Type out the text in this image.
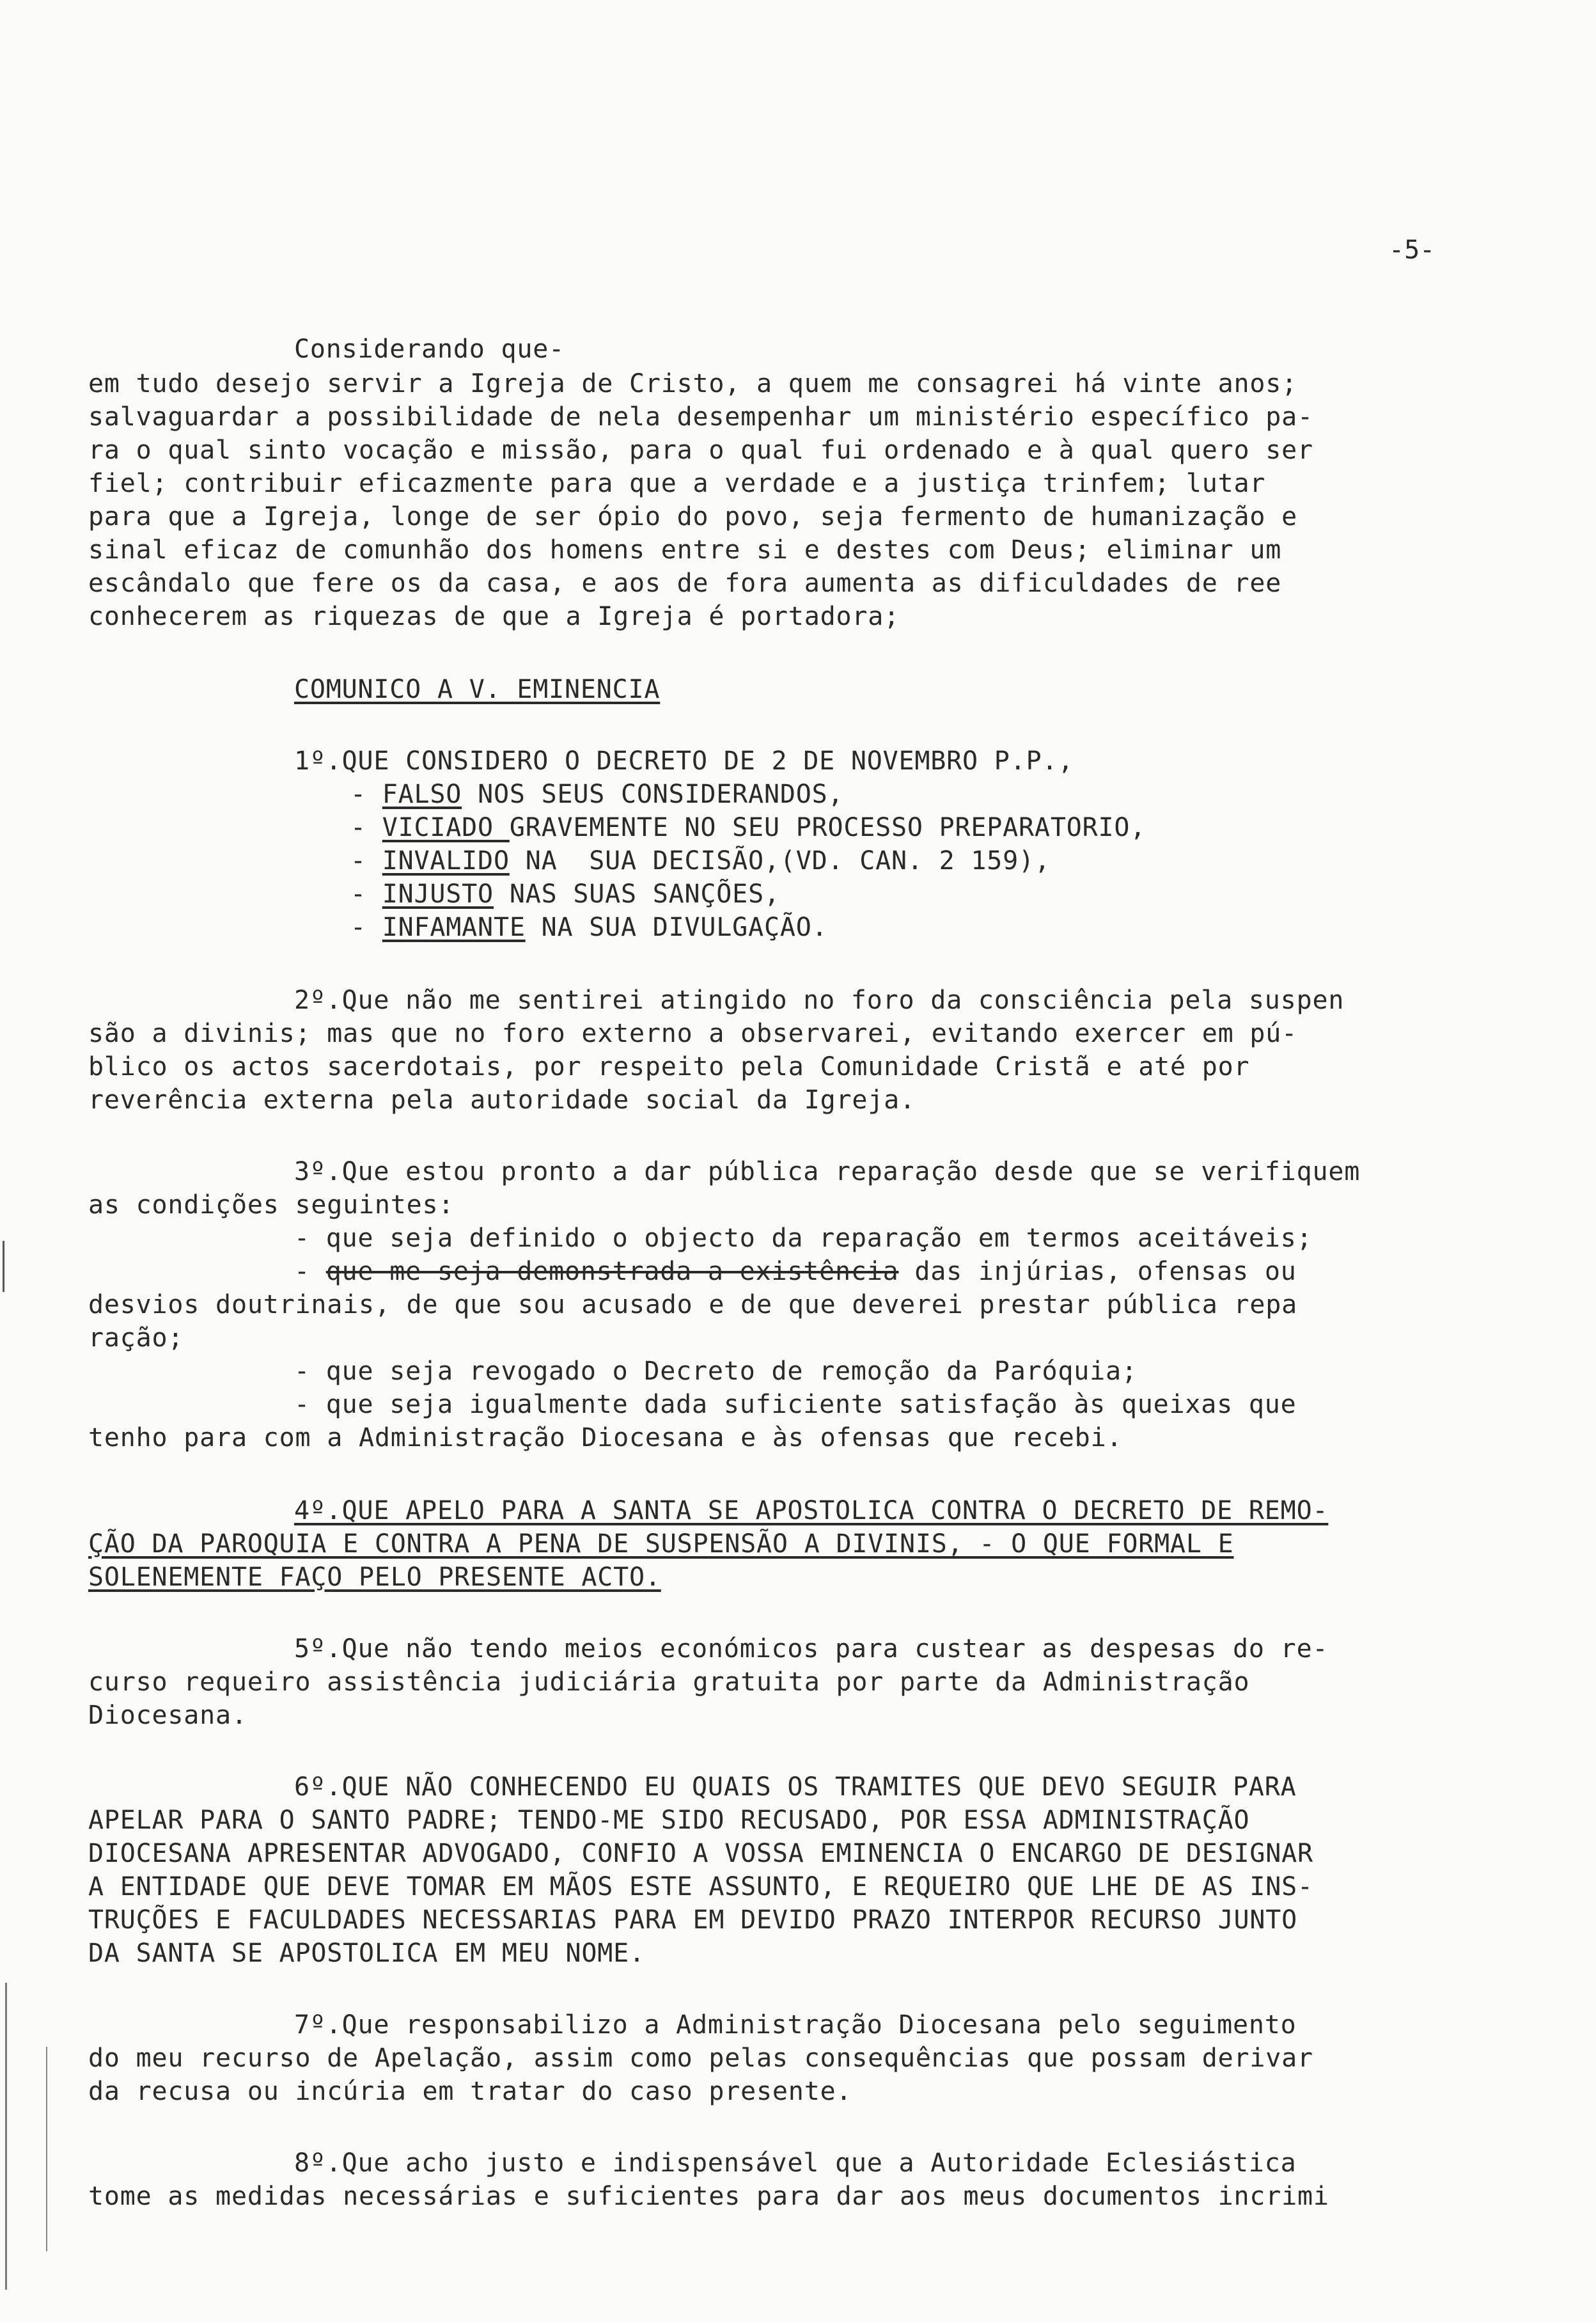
-5-
Considerando que-
em tudo desejo servir a Igreja de Cristo, a quem me consagrei há vinte anos;
salvaguardar a possibilidade de nela desempenhar um ministério específico pa-
ra o qual sinto vocação e missão, para o qual fui ordenado e à qual quero ser
fiel; contribuir eficazmente para que a verdade e a justiça trinfem; lutar
para que a Igreja, longe de ser ópio do povo, seja fermento de humanização e
sinal eficaz de comunhão dos homens entre si e destes com Deus; eliminar um
escândalo que fere os da casa, e aos de fora aumenta as dificuldades de ree
conhecerem as riquezas de que a Igreja é portadora;
COMUNICO A V. EMINENCIA
1º.QUE CONSIDERO O DECRETO DE 2 DE NOVEMBRO P.P.,
- FALSO NOS SEUS CONSIDERANDOS,
- VICIADO GRAVEMENTE NO SEU PROCESSO PREPARATORIO,
- INVALIDO NA  SUA DECISÃO,(VD. CAN. 2 159),
- INJUSTO NAS SUAS SANÇÕES,
- INFAMANTE NA SUA DIVULGAÇÃO.
2º.Que não me sentirei atingido no foro da consciência pela suspen
são a divinis; mas que no foro externo a observarei, evitando exercer em pú-
blico os actos sacerdotais, por respeito pela Comunidade Cristã e até por
reverência externa pela autoridade social da Igreja.
3º.Que estou pronto a dar pública reparação desde que se verifiquem
as condições seguintes:
- que seja definido o objecto da reparação em termos aceitáveis;
- que me seja demonstrada a existência das injúrias, ofensas ou
desvios doutrinais, de que sou acusado e de que deverei prestar pública repa
ração;
- que seja revogado o Decreto de remoção da Paróquia;
- que seja igualmente dada suficiente satisfação às queixas que
tenho para com a Administração Diocesana e às ofensas que recebi.
4º.QUE APELO PARA A SANTA SE APOSTOLICA CONTRA O DECRETO DE REMO-
ÇÃO DA PAROQUIA E CONTRA A PENA DE SUSPENSÃO A DIVINIS, - O QUE FORMAL E
SOLENEMENTE FAÇO PELO PRESENTE ACTO.
5º.Que não tendo meios económicos para custear as despesas do re-
curso requeiro assistência judiciária gratuita por parte da Administração
Diocesana.
6º.QUE NÃO CONHECENDO EU QUAIS OS TRAMITES QUE DEVO SEGUIR PARA
APELAR PARA O SANTO PADRE; TENDO-ME SIDO RECUSADO, POR ESSA ADMINISTRAÇÃO
DIOCESANA APRESENTAR ADVOGADO, CONFIO A VOSSA EMINENCIA O ENCARGO DE DESIGNAR
A ENTIDADE QUE DEVE TOMAR EM MÃOS ESTE ASSUNTO, E REQUEIRO QUE LHE DE AS INS-
TRUÇÕES E FACULDADES NECESSARIAS PARA EM DEVIDO PRAZO INTERPOR RECURSO JUNTO
DA SANTA SE APOSTOLICA EM MEU NOME.
7º.Que responsabilizo a Administração Diocesana pelo seguimento
do meu recurso de Apelação, assim como pelas consequências que possam derivar
da recusa ou incúria em tratar do caso presente.
8º.Que acho justo e indispensável que a Autoridade Eclesiástica
tome as medidas necessárias e suficientes para dar aos meus documentos incrimi
